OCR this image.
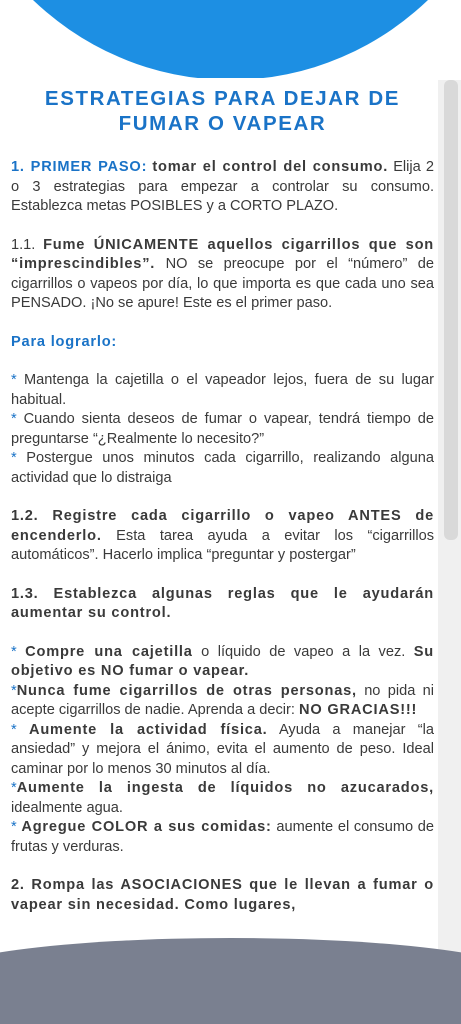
ESTRATEGIAS PARA DEJAR DE FUMAR O VAPEAR

1. PRIMER PASO: tomar el control del consumo. Elija 2 o 3 estrategias para empezar a controlar su consumo. Establezca metas POSIBLES y a CORTO PLAZO.

1.1. Fume ÚNICAMENTE aquellos cigarrillos que son “imprescindibles”. NO se preocupe por el “número” de cigarrillos o vapeos por día, lo que importa es que cada uno sea PENSADO. ¡No se apure! Este es el primer paso.

Para lograrlo:

* Mantenga la cajetilla o el vapeador lejos, fuera de su lugar habitual.

* Cuando sienta deseos de fumar o vapear, tendrá tiempo de preguntarse “¿Realmente lo necesito?”

* Postergue unos minutos cada cigarrillo, realizando alguna actividad que lo distraiga

1.2. Registre cada cigarrillo o vapeo ANTES de encenderlo. Esta tarea ayuda a evitar los “cigarrillos automáticos”. Hacerlo implica “preguntar y postergar”

1.3. Establezca algunas reglas que le ayudarán aumentar su control.

* Compre una cajetilla o líquido de vapeo a la vez. Su objetivo es NO fumar o vapear.

*Nunca fume cigarrillos de otras personas, no pida ni acepte cigarrillos de nadie. Aprenda a decir: NO GRACIAS!!!

* Aumente la actividad física. Ayuda a manejar “la ansiedad” y mejora el ánimo, evita el aumento de peso. Ideal caminar por lo menos 30 minutos al día.

*Aumente la ingesta de líquidos no azucarados, idealmente agua.

* Agregue COLOR a sus comidas: aumente el consumo de frutas y verduras.

2. Rompa las ASOCIACIONES que le llevan a fumar o vapear sin necesidad. Como lugares,
